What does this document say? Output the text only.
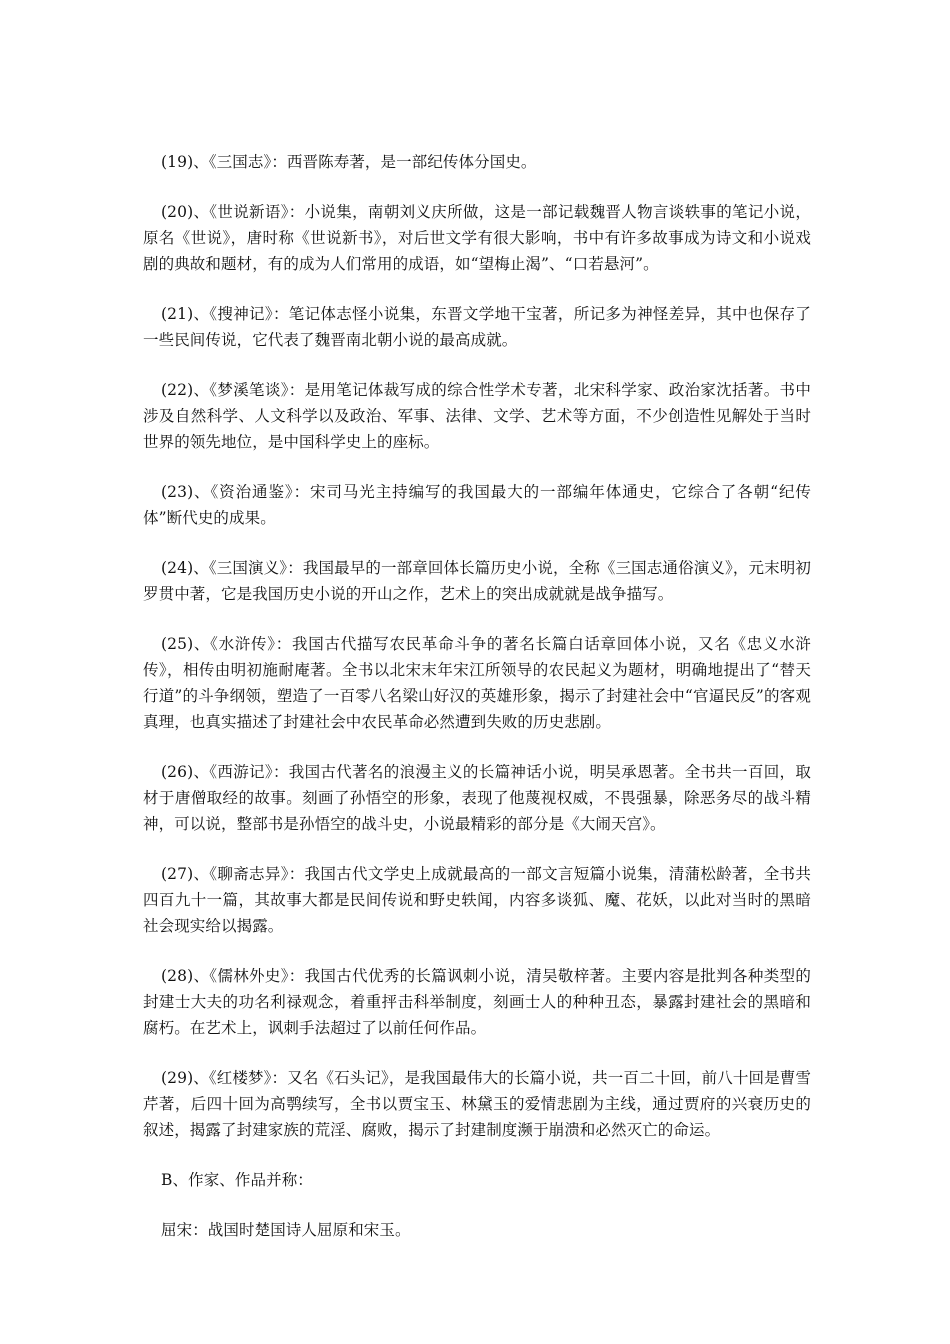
(19)、《三国志》：西晋陈寿著，是一部纪传体分国史。

(20)、《世说新语》：小说集，南朝刘义庆所做，这是一部记载魏晋人物言谈轶事的笔记小说，原名《世说》，唐时称《世说新书》，对后世文学有很大影响，书中有许多故事成为诗文和小说戏剧的典故和题材，有的成为人们常用的成语，如“望梅止渴”、“口若悬河”。

(21)、《搜神记》：笔记体志怪小说集，东晋文学地干宝著，所记多为神怪差异，其中也保存了一些民间传说，它代表了魏晋南北朝小说的最高成就。

(22)、《梦溪笔谈》：是用笔记体裁写成的综合性学术专著，北宋科学家、政治家沈括著。书中涉及自然科学、人文科学以及政治、军事、法律、文学、艺术等方面，不少创造性见解处于当时世界的领先地位，是中国科学史上的座标。

(23)、《资治通鉴》：宋司马光主持编写的我国最大的一部编年体通史，它综合了各朝“纪传体”断代史的成果。

(24)、《三国演义》：我国最早的一部章回体长篇历史小说，全称《三国志通俗演义》，元末明初罗贯中著，它是我国历史小说的开山之作，艺术上的突出成就就是战争描写。

(25)、《水浒传》：我国古代描写农民革命斗争的著名长篇白话章回体小说，又名《忠义水浒传》，相传由明初施耐庵著。全书以北宋末年宋江所领导的农民起义为题材，明确地提出了“替天行道”的斗争纲领，塑造了一百零八名梁山好汉的英雄形象，揭示了封建社会中“官逼民反”的客观真理，也真实描述了封建社会中农民革命必然遭到失败的历史悲剧。

(26)、《西游记》：我国古代著名的浪漫主义的长篇神话小说，明吴承恩著。全书共一百回，取材于唐僧取经的故事。刻画了孙悟空的形象，表现了他蔑视权威，不畏强暴，除恶务尽的战斗精神，可以说，整部书是孙悟空的战斗史，小说最精彩的部分是《大闹天宫》。

(27)、《聊斋志异》：我国古代文学史上成就最高的一部文言短篇小说集，清蒲松龄著，全书共四百九十一篇，其故事大都是民间传说和野史轶闻，内容多谈狐、魔、花妖，以此对当时的黑暗社会现实给以揭露。

(28)、《儒林外史》：我国古代优秀的长篇讽刺小说，清吴敬梓著。主要内容是批判各种类型的封建士大夫的功名利禄观念，着重抨击科举制度，刻画士人的种种丑态，暴露封建社会的黑暗和腐朽。在艺术上，讽刺手法超过了以前任何作品。

(29)、《红楼梦》：又名《石头记》，是我国最伟大的长篇小说，共一百二十回，前八十回是曹雪芹著，后四十回为高鹗续写，全书以贾宝玉、林黛玉的爱情悲剧为主线，通过贾府的兴衰历史的叙述，揭露了封建家族的荒淫、腐败，揭示了封建制度濒于崩溃和必然灭亡的命运。

B、作家、作品并称：

屈宋：战国时楚国诗人屈原和宋玉。
